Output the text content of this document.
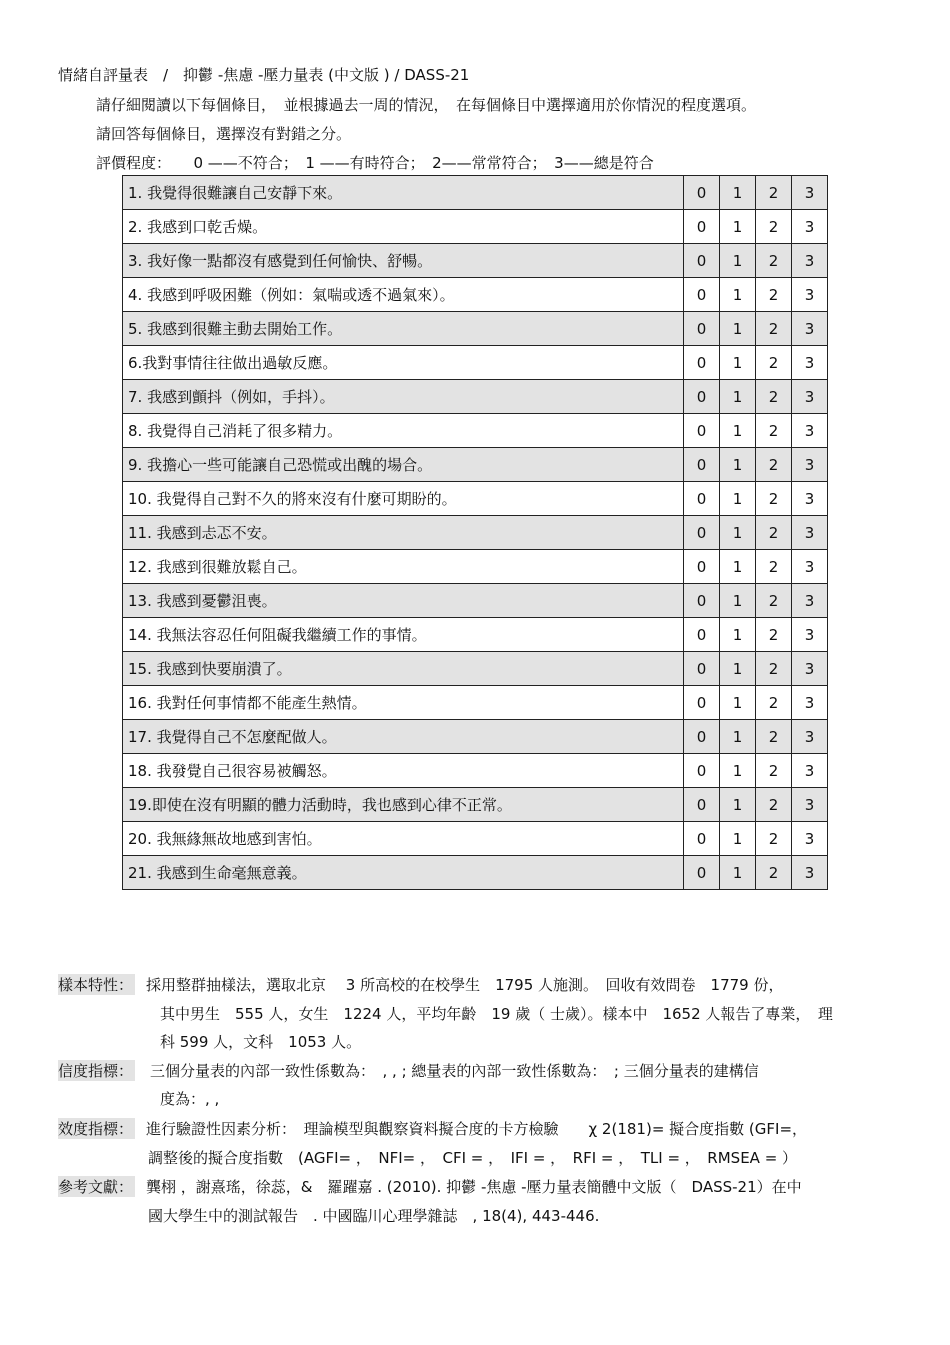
情緒自評量表　/　抑鬱 -焦慮 -壓力量表 (中文版 ) / DASS-21
請仔細閱讀以下每個條目，　並根據過去一周的情況，　在每個條目中選擇適用於你情況的程度選項。
請回答每個條目，選擇沒有對錯之分。
評價程度：　　0 ——不符合；　1 ——有時符合；　2——常常符合；　3——總是符合
1. 我覺得很難讓自己安靜下來。	0	1	2	3
2. 我感到口乾舌燥。	0	1	2	3
3. 我好像一點都沒有感覺到任何愉快、舒暢。	0	1	2	3
4. 我感到呼吸困難（例如：氣喘或透不過氣來）。	0	1	2	3
5. 我感到很難主動去開始工作。	0	1	2	3
6.我對事情往往做出過敏反應。	0	1	2	3
7. 我感到顫抖（例如，手抖）。	0	1	2	3
8. 我覺得自己消耗了很多精力。	0	1	2	3
9. 我擔心一些可能讓自己恐慌或出醜的場合。	0	1	2	3
10. 我覺得自己對不久的將來沒有什麼可期盼的。	0	1	2	3
11. 我感到忐忑不安。	0	1	2	3
12. 我感到很難放鬆自己。	0	1	2	3
13. 我感到憂鬱沮喪。	0	1	2	3
14. 我無法容忍任何阻礙我繼續工作的事情。	0	1	2	3
15. 我感到快要崩潰了。	0	1	2	3
16. 我對任何事情都不能產生熱情。	0	1	2	3
17. 我覺得自己不怎麼配做人。	0	1	2	3
18. 我發覺自己很容易被觸怒。	0	1	2	3
19.即使在沒有明顯的體力活動時，我也感到心律不正常。	0	1	2	3
20. 我無緣無故地感到害怕。	0	1	2	3
21. 我感到生命毫無意義。	0	1	2	3
樣本特性： 採用整群抽樣法，選取北京　 3 所高校的在校學生　1795 人施測。　回收有效問卷　1779 份，
其中男生　555 人，女生　1224 人，平均年齡　19 歲（ 士歲）。樣本中　1652 人報告了專業，　理
科 599 人，文科　1053 人。
信度指標： 三個分量表的內部一致性係數為：　, , ; 總量表的內部一致性係數為：　; 三個分量表的建構信
度為：, ,
效度指標： 進行驗證性因素分析：　理論模型與觀察資料擬合度的卡方檢驗　　χ 2(181)= 擬合度指數 (GFI=，
調整後的擬合度指數　(AGFI= ，　NFI= ，　CFI = ，　IFI = ，　RFI = ，　TLI = ，　RMSEA = ）
參考文獻： 龔栩 ，謝熹瑤，徐蕊，&　羅躍嘉 . (2010). 抑鬱 -焦慮 -壓力量表簡體中文版（　DASS-21）在中
國大學生中的測試報告　. 中國臨川心理學雜誌　, 18(4), 443-446.
